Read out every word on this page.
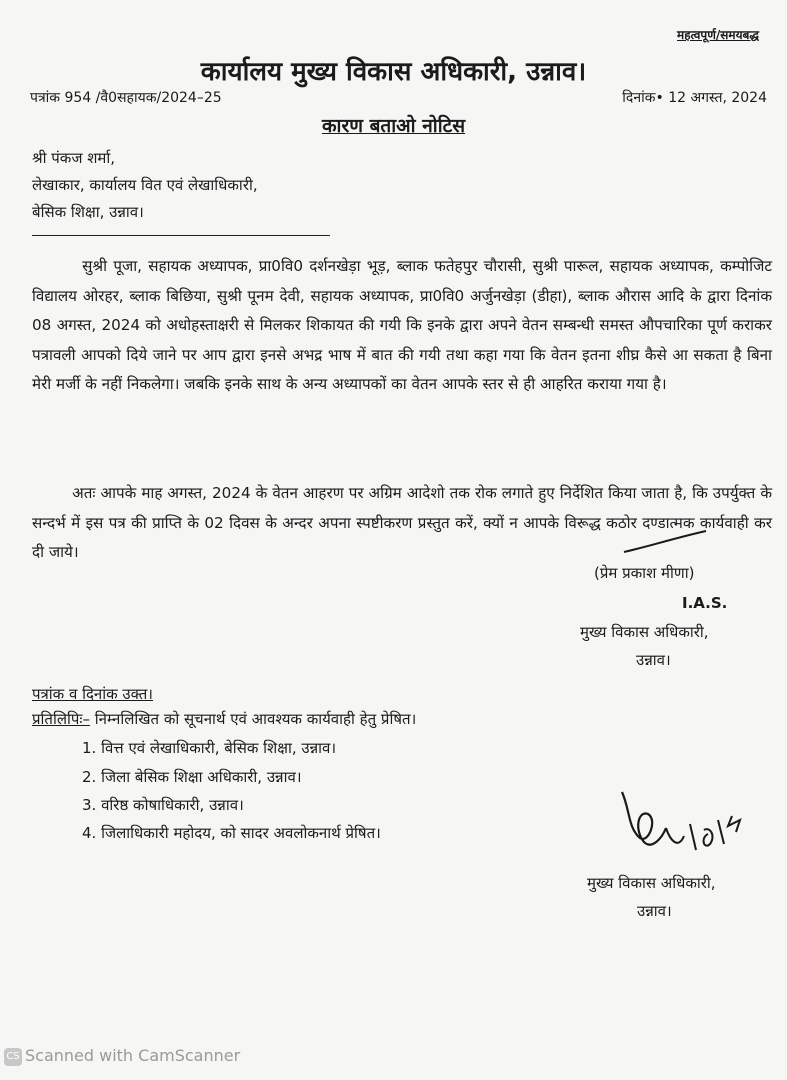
महत्वपूर्ण/समयबद्ध
कार्यालय मुख्य विकास अधिकारी, उन्नाव।
पत्रांक 954 /वै0सहायक/2024–25	दिनांक• 12 अगस्त, 2024
कारण बताओ नोटिस
श्री पंकज शर्मा,
लेखाकार, कार्यालय वित एवं लेखाधिकारी,
बेसिक शिक्षा, उन्नाव।
सुश्री पूजा, सहायक अध्यापक, प्रा0वि0 दर्शनखेड़ा भूड़, ब्लाक फतेहपुर चौरासी, सुश्री पारूल, सहायक अध्यापक, कम्पोजिट विद्यालय ओरहर, ब्लाक बिछिया, सुश्री पूनम देवी, सहायक अध्यापक, प्रा0वि0 अर्जुनखेड़ा (डीहा), ब्लाक औरास आदि के द्वारा दिनांक 08 अगस्त, 2024 को अधोहस्ताक्षरी से मिलकर शिकायत की गयी कि इनके द्वारा अपने वेतन सम्बन्धी समस्त औपचारिका पूर्ण कराकर पत्रावली आपको दिये जाने पर आप द्वारा इनसे अभद्र भाष में बात की गयी तथा कहा गया कि वेतन इतना शीघ्र कैसे आ सकता है बिना मेरी मर्जी के नहीं निकलेगा। जबकि इनके साथ के अन्य अध्यापकों का वेतन आपके स्तर से ही आहरित कराया गया है।
अतः आपके माह अगस्त, 2024 के वेतन आहरण पर अग्रिम आदेशो तक रोक लगाते हुए निर्देशित किया जाता है, कि उपर्युक्त के सन्दर्भ में इस पत्र की प्राप्ति के 02 दिवस के अन्दर अपना स्पष्टीकरण प्रस्तुत करें, क्यों न आपके विरूद्ध कठोर दण्डात्मक कार्यवाही कर दी जाये।
(प्रेम प्रकाश मीणा)
I.A.S.
मुख्य विकास अधिकारी,
उन्नाव।
पत्रांक व दिनांक उक्त।
प्रतिलिपिः– निम्नलिखित को सूचनार्थ एवं आवश्यक कार्यवाही हेतु प्रेषित।
1. वित्त एवं लेखाधिकारी, बेसिक शिक्षा, उन्नाव।
2. जिला बेसिक शिक्षा अधिकारी, उन्नाव।
3. वरिष्ठ कोषाधिकारी, उन्नाव।
4. जिलाधिकारी महोदय, को सादर अवलोकनार्थ प्रेषित।
मुख्य विकास अधिकारी,
उन्नाव।
CS Scanned with CamScanner
